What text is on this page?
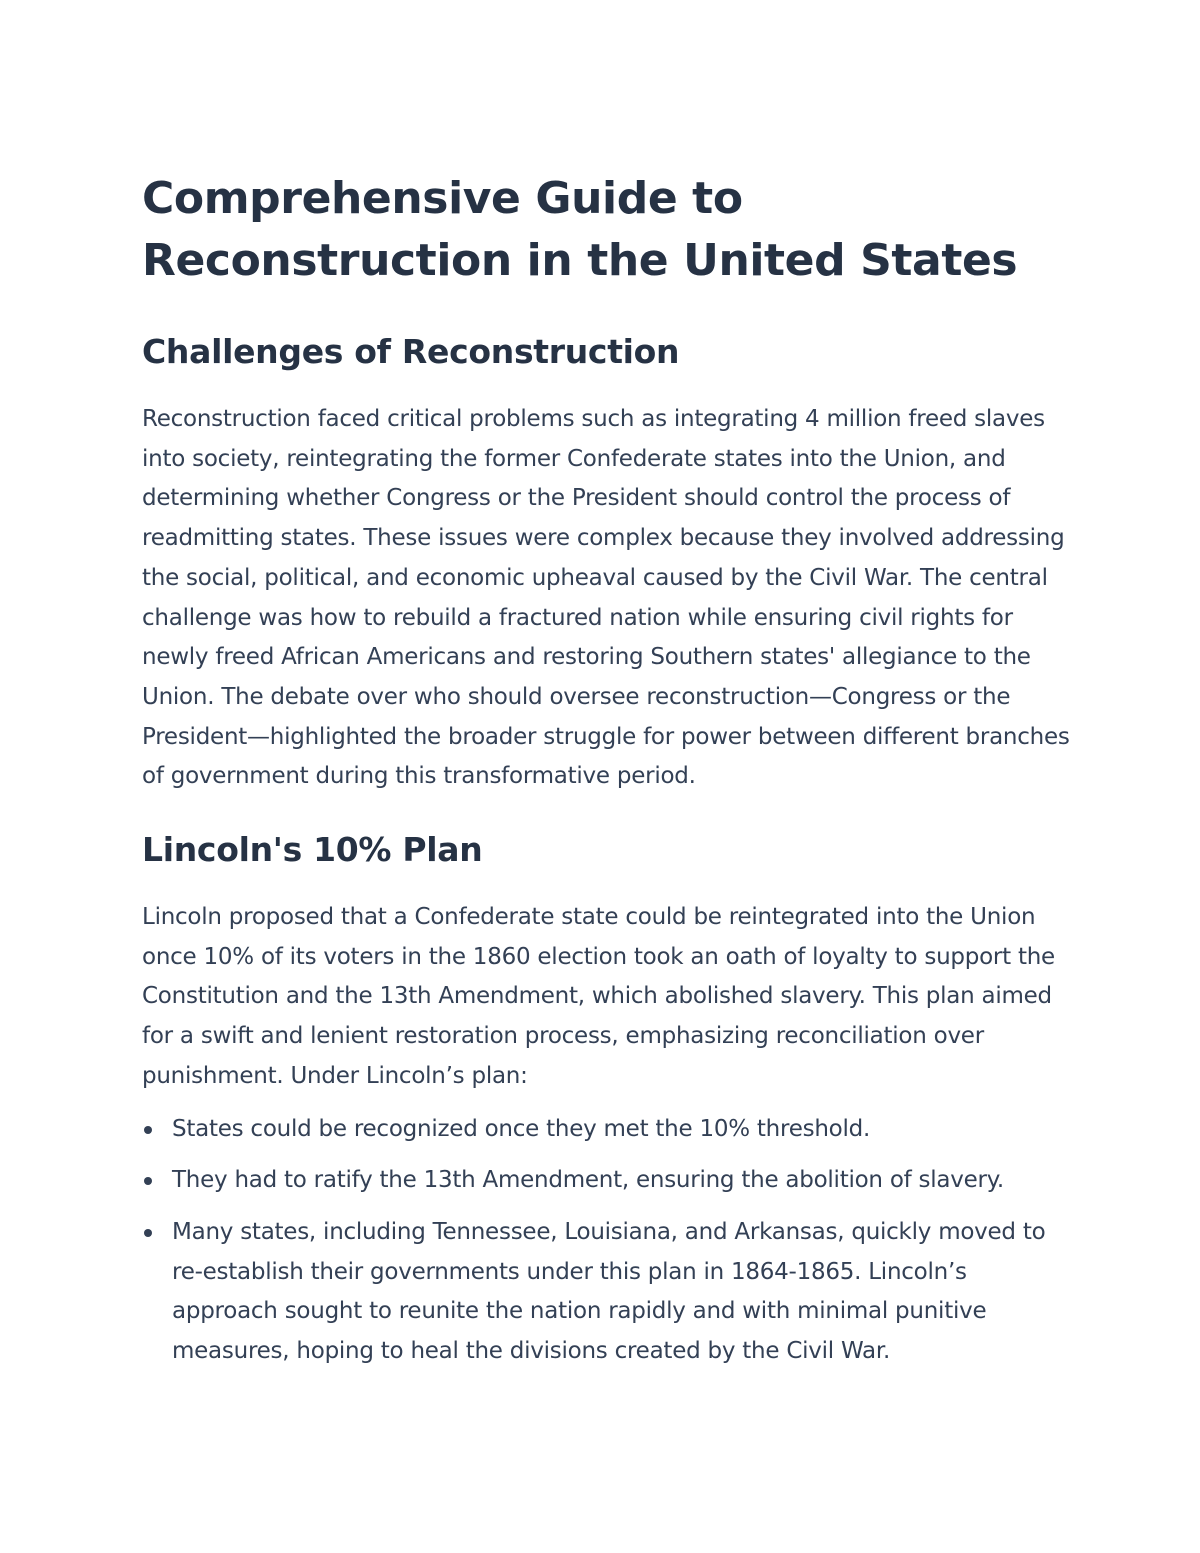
Comprehensive Guide to Reconstruction in the United States
Challenges of Reconstruction

Reconstruction faced critical problems such as integrating 4 million freed slaves into society, reintegrating the former Confederate states into the Union, and determining whether Congress or the President should control the process of readmitting states. These issues were complex because they involved addressing the social, political, and economic upheaval caused by the Civil War. The central challenge was how to rebuild a fractured nation while ensuring civil rights for newly freed African Americans and restoring Southern states' allegiance to the Union. The debate over who should oversee reconstruction—Congress or the President—highlighted the broader struggle for power between different branches of government during this transformative period.

Lincoln's 10% Plan

Lincoln proposed that a Confederate state could be reintegrated into the Union once 10% of its voters in the 1860 election took an oath of loyalty to support the Constitution and the 13th Amendment, which abolished slavery. This plan aimed for a swift and lenient restoration process, emphasizing reconciliation over punishment. Under Lincoln’s plan:

States could be recognized once they met the 10% threshold.
They had to ratify the 13th Amendment, ensuring the abolition of slavery.
Many states, including Tennessee, Louisiana, and Arkansas, quickly moved to re-establish their governments under this plan in 1864-1865. Lincoln’s approach sought to reunite the nation rapidly and with minimal punitive measures, hoping to heal the divisions created by the Civil War.
